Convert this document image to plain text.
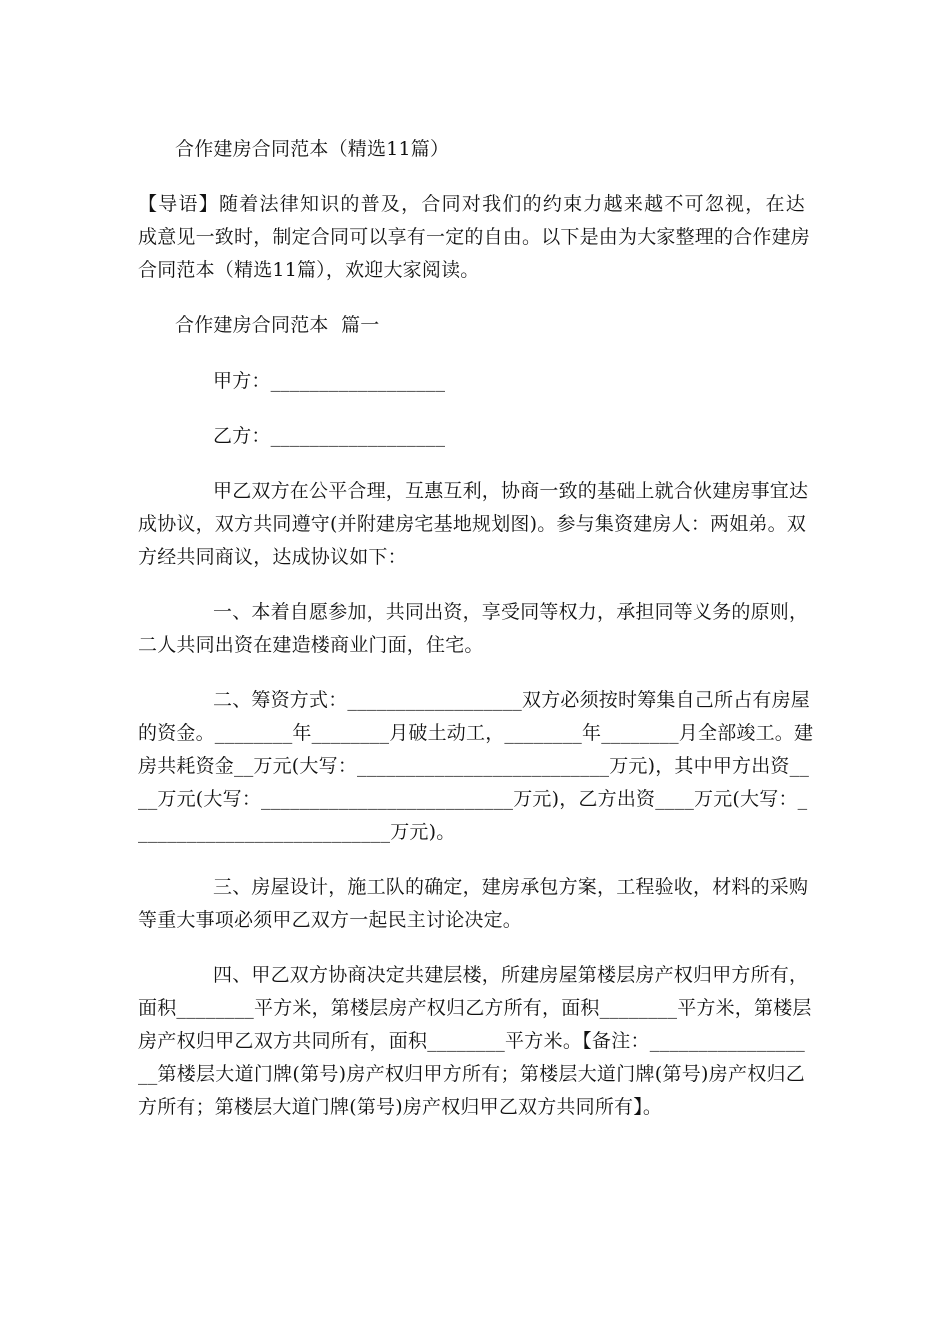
合作建房合同范本（精选11篇）
【导语】随着法律知识的普及，合同对我们的约束力越来越不可忽视，在达
成意见一致时，制定合同可以享有一定的自由。以下是由为大家整理的合作建房
合同范本（精选11篇），欢迎大家阅读。
合作建房合同范本  篇一
甲方：__________________
乙方：__________________
甲乙双方在公平合理，互惠互利，协商一致的基础上就合伙建房事宜达
成协议，双方共同遵守(并附建房宅基地规划图)。参与集资建房人：两姐弟。双
方经共同商议，达成协议如下：
一、本着自愿参加，共同出资，享受同等权力，承担同等义务的原则，
二人共同出资在建造楼商业门面，住宅。
二、筹资方式：__________________双方必须按时筹集自己所占有房屋
的资金。________年________月破土动工，________年________月全部竣工。建
房共耗资金__万元(大写：__________________________万元)，其中甲方出资__
__万元(大写：__________________________万元)，乙方出资____万元(大写：_
__________________________万元)。
三、房屋设计，施工队的确定，建房承包方案，工程验收，材料的采购
等重大事项必须甲乙双方一起民主讨论决定。
四、甲乙双方协商决定共建层楼，所建房屋第楼层房产权归甲方所有，
面积________平方米，第楼层房产权归乙方所有，面积________平方米，第楼层
房产权归甲乙双方共同所有，面积________平方米。【备注：________________
__第楼层大道门牌(第号)房产权归甲方所有；第楼层大道门牌(第号)房产权归乙
方所有；第楼层大道门牌(第号)房产权归甲乙双方共同所有】。
